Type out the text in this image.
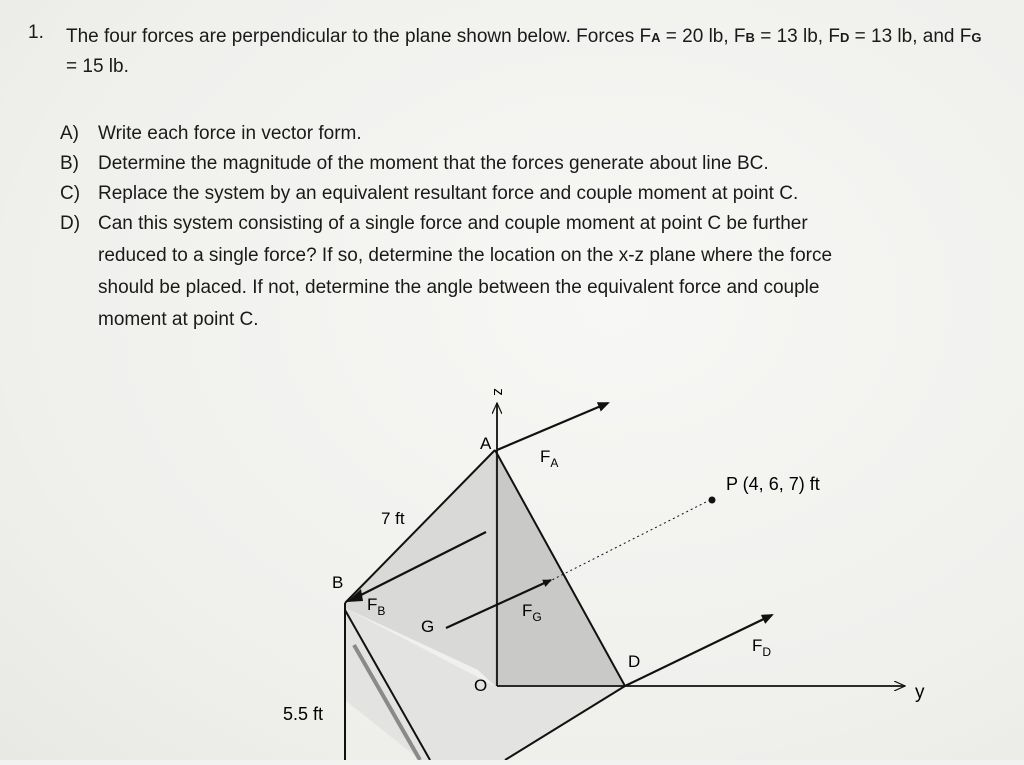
1. The four forces are perpendicular to the plane shown below. Forces FA = 20 lb, FB = 13 lb, FD = 13 lb, and FG = 15 lb.
A)	Write each force in vector form.
B)	Determine the magnitude of the moment that the forces generate about line BC.
C) Replace the system by an equivalent resultant force and couple moment at point C.
D) Can this system consisting of a single force and couple moment at point C be further
reduced to a single force? If so, determine the location on the x-z plane where the force
should be placed. If not, determine the angle between the equivalent force and couple
moment at point C.
z
y
A
B
G
O
D
$F_A$
$F_B$	$F_G$
$F_D$
P (4, 6, 7) ft
7 ft
5.5 ft
